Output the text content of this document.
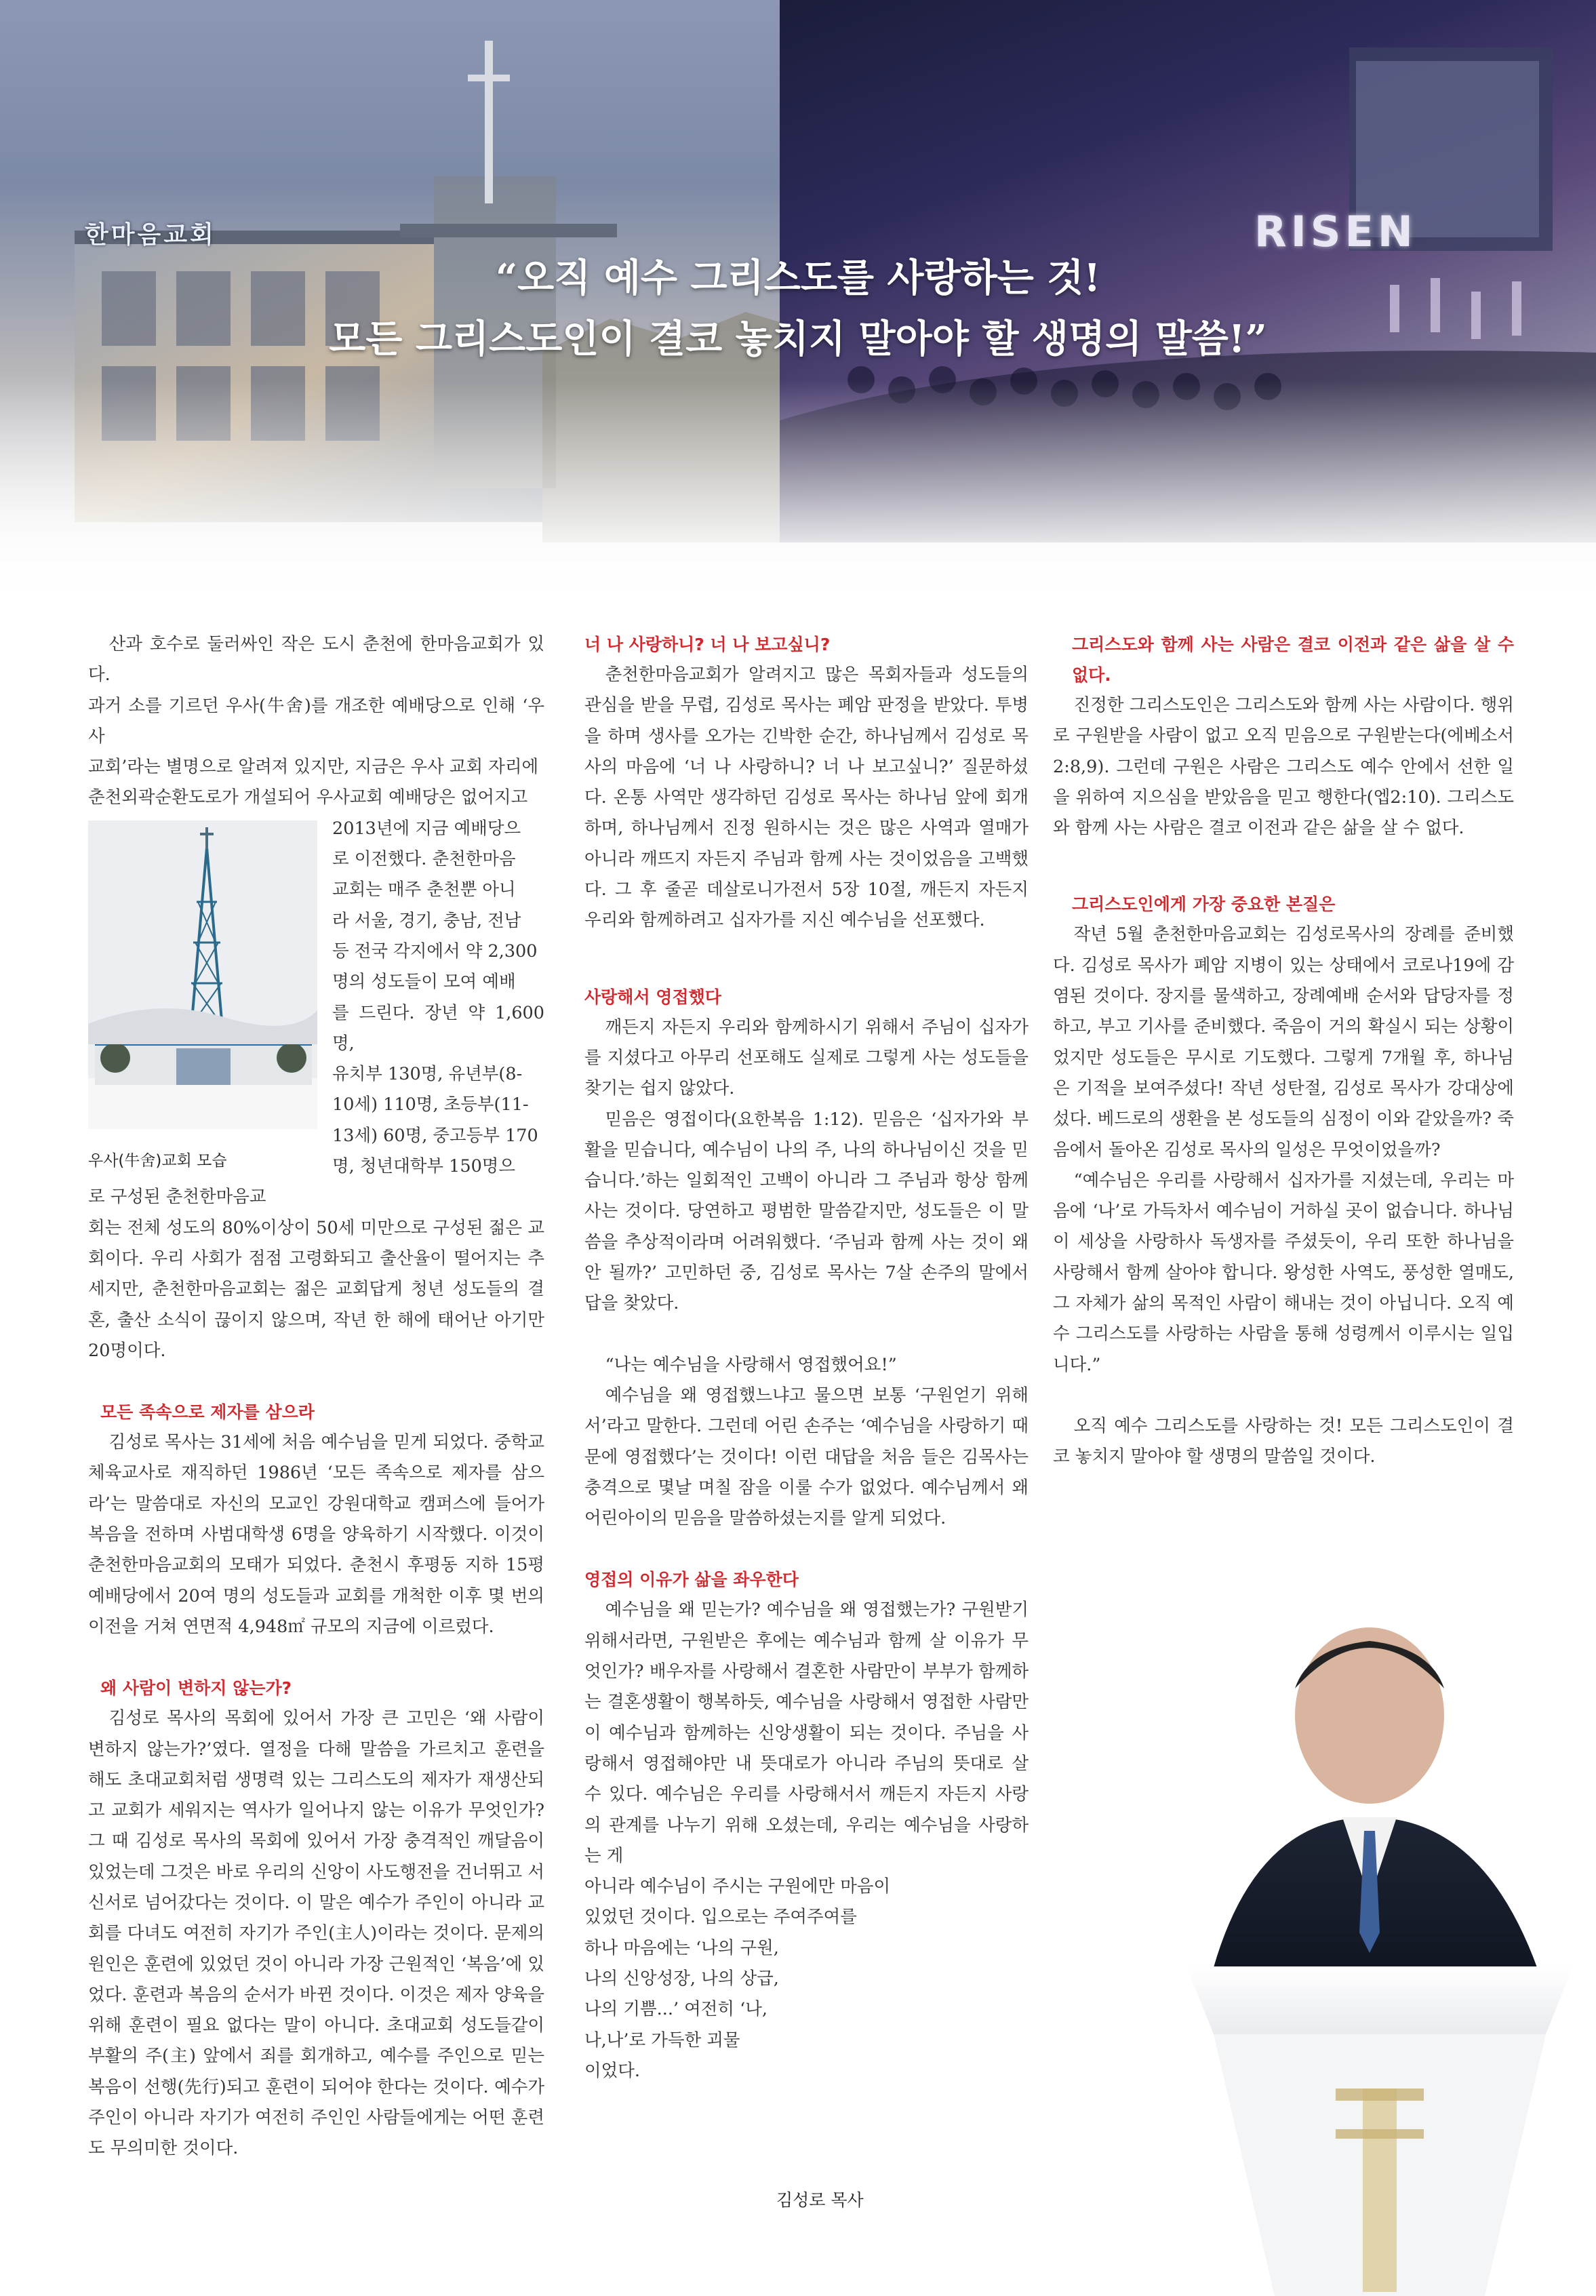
한마음교회	RISEN
“오직 예수 그리스도를 사랑하는 것!
모든 그리스도인이 결코 놓치지 말아야 할 생명의 말씀!”

산과 호수로 둘러싸인 작은 도시 춘천에 한마음교회가 있다.

과거 소를 기르던 우사(牛舍)를 개조한 예배당으로 인해 ‘우사

교회’라는 별명으로 알려져 있지만, 지금은 우사 교회 자리에

춘천외곽순환도로가 개설되어 우사교회 예배당은 없어지고

우사(牛舍)교회 모습

2013년에 지금 예배당으

로 이전했다. 춘천한마음

교회는 매주 춘천뿐 아니

라 서울, 경기, 충남, 전남

등 전국 각지에서 약 2,300

명의 성도들이 모여 예배

를 드린다. 장년 약 1,600명,

유치부 130명, 유년부(8-

10세) 110명, 초등부(11-

13세) 60명, 중고등부 170

명, 청년대학부 150명으

로 구성된 춘천한마음교

회는 전체 성도의 80%이상이 50세 미만으로 구성된 젊은 교회이다. 우리 사회가 점점 고령화되고 출산율이 떨어지는 추세지만, 춘천한마음교회는 젊은 교회답게 청년 성도들의 결혼, 출산 소식이 끊이지 않으며, 작년 한 해에 태어난 아기만 20명이다.

모든 족속으로 제자를 삼으라

김성로 목사는 31세에 처음 예수님을 믿게 되었다. 중학교 체육교사로 재직하던 1986년 ‘모든 족속으로 제자를 삼으라’는 말씀대로 자신의 모교인 강원대학교 캠퍼스에 들어가 복음을 전하며 사범대학생 6명을 양육하기 시작했다. 이것이 춘천한마음교회의 모태가 되었다. 춘천시 후평동 지하 15평 예배당에서 20여 명의 성도들과 교회를 개척한 이후 몇 번의 이전을 거쳐 연면적 4,948㎡ 규모의 지금에 이르렀다.

왜 사람이 변하지 않는가?

김성로 목사의 목회에 있어서 가장 큰 고민은 ‘왜 사람이 변하지 않는가?’였다. 열정을 다해 말씀을 가르치고 훈련을 해도 초대교회처럼 생명력 있는 그리스도의 제자가 재생산되고 교회가 세워지는 역사가 일어나지 않는 이유가 무엇인가? 그 때 김성로 목사의 목회에 있어서 가장 충격적인 깨달음이 있었는데 그것은 바로 우리의 신앙이 사도행전을 건너뛰고 서신서로 넘어갔다는 것이다. 이 말은 예수가 주인이 아니라 교회를 다녀도 여전히 자기가 주인(主人)이라는 것이다. 문제의 원인은 훈련에 있었던 것이 아니라 가장 근원적인 ‘복음’에 있었다. 훈련과 복음의 순서가 바뀐 것이다. 이것은 제자 양육을 위해 훈련이 필요 없다는 말이 아니다. 초대교회 성도들같이 부활의 주(主) 앞에서 죄를 회개하고, 예수를 주인으로 믿는 복음이 선행(先行)되고 훈련이 되어야 한다는 것이다. 예수가 주인이 아니라 자기가 여전히 주인인 사람들에게는 어떤 훈련도 무의미한 것이다.

너 나 사랑하니? 너 나 보고싶니?

춘천한마음교회가 알려지고 많은 목회자들과 성도들의 관심을 받을 무렵, 김성로 목사는 폐암 판정을 받았다. 투병을 하며 생사를 오가는 긴박한 순간, 하나님께서 김성로 목사의 마음에 ‘너 나 사랑하니? 너 나 보고싶니?’ 질문하셨다. 온통 사역만 생각하던 김성로 목사는 하나님 앞에 회개하며, 하나님께서 진정 원하시는 것은 많은 사역과 열매가 아니라 깨뜨지 자든지 주님과 함께 사는 것이었음을 고백했다. 그 후 줄곧 데살로니가전서 5장 10절, 깨든지 자든지 우리와 함께하려고 십자가를 지신 예수님을 선포했다.

사랑해서 영접했다

깨든지 자든지 우리와 함께하시기 위해서 주님이 십자가를 지셨다고 아무리 선포해도 실제로 그렇게 사는 성도들을 찾기는 쉽지 않았다.

믿음은 영접이다(요한복음 1:12). 믿음은 ‘십자가와 부활을 믿습니다, 예수님이 나의 주, 나의 하나님이신 것을 믿습니다.’하는 일회적인 고백이 아니라 그 주님과 항상 함께 사는 것이다. 당연하고 평범한 말씀같지만, 성도들은 이 말씀을 추상적이라며 어려워했다. ‘주님과 함께 사는 것이 왜 안 될까?’ 고민하던 중, 김성로 목사는 7살 손주의 말에서 답을 찾았다.

“나는 예수님을 사랑해서 영접했어요!”

예수님을 왜 영접했느냐고 물으면 보통 ‘구원얻기 위해서’라고 말한다. 그런데 어린 손주는 ‘예수님을 사랑하기 때문에 영접했다’는 것이다! 이런 대답을 처음 들은 김목사는 충격으로 몇날 며칠 잠을 이룰 수가 없었다. 예수님께서 왜 어린아이의 믿음을 말씀하셨는지를 알게 되었다.

영접의 이유가 삶을 좌우한다

예수님을 왜 믿는가? 예수님을 왜 영접했는가? 구원받기 위해서라면, 구원받은 후에는 예수님과 함께 살 이유가 무엇인가? 배우자를 사랑해서 결혼한 사람만이 부부가 함께하는 결혼생활이 행복하듯, 예수님을 사랑해서 영접한 사람만이 예수님과 함께하는 신앙생활이 되는 것이다. 주님을 사랑해서 영접해야만 내 뜻대로가 아니라 주님의 뜻대로 살 수 있다. 예수님은 우리를 사랑해서서 깨든지 자든지 사랑의 관계를 나누기 위해 오셨는데, 우리는 예수님을 사랑하는 게

아니라 예수님이 주시는 구원에만 마음이

있었던 것이다. 입으로는 주여주여를

하나 마음에는 ‘나의 구원,

나의 신앙성장, 나의 상급,

나의 기쁨...’ 여전히 ‘나,

나,나’로 가득한 괴물

이었다.

그리스도와 함께 사는 사람은 결코 이전과 같은 삶을 살 수 없다.

진정한 그리스도인은 그리스도와 함께 사는 사람이다. 행위로 구원받을 사람이 없고 오직 믿음으로 구원받는다(에베소서 2:8,9). 그런데 구원은 사람은 그리스도 예수 안에서 선한 일을 위하여 지으심을 받았음을 믿고 행한다(엡2:10). 그리스도와 함께 사는 사람은 결코 이전과 같은 삶을 살 수 없다.

그리스도인에게 가장 중요한 본질은

작년 5월 춘천한마음교회는 김성로목사의 장례를 준비했다. 김성로 목사가 폐암 지병이 있는 상태에서 코로나19에 감염된 것이다. 장지를 물색하고, 장례예배 순서와 답당자를 정하고, 부고 기사를 준비했다. 죽음이 거의 확실시 되는 상황이었지만 성도들은 무시로 기도했다. 그렇게 7개월 후, 하나님은 기적을 보여주셨다! 작년 성탄절, 김성로 목사가 강대상에 섰다. 베드로의 생환을 본 성도들의 심정이 이와 같았을까? 죽음에서 돌아온 김성로 목사의 일성은 무엇이었을까?

“예수님은 우리를 사랑해서 십자가를 지셨는데, 우리는 마음에 ‘나’로 가득차서 예수님이 거하실 곳이 없습니다. 하나님이 세상을 사랑하사 독생자를 주셨듯이, 우리 또한 하나님을 사랑해서 함께 살아야 합니다. 왕성한 사역도, 풍성한 열매도, 그 자체가 삶의 목적인 사람이 해내는 것이 아닙니다. 오직 예수 그리스도를 사랑하는 사람을 통해 성령께서 이루시는 일입니다.”

오직 예수 그리스도를 사랑하는 것! 모든 그리스도인이 결코 놓치지 말아야 할 생명의 말씀일 것이다.

김성로 목사
